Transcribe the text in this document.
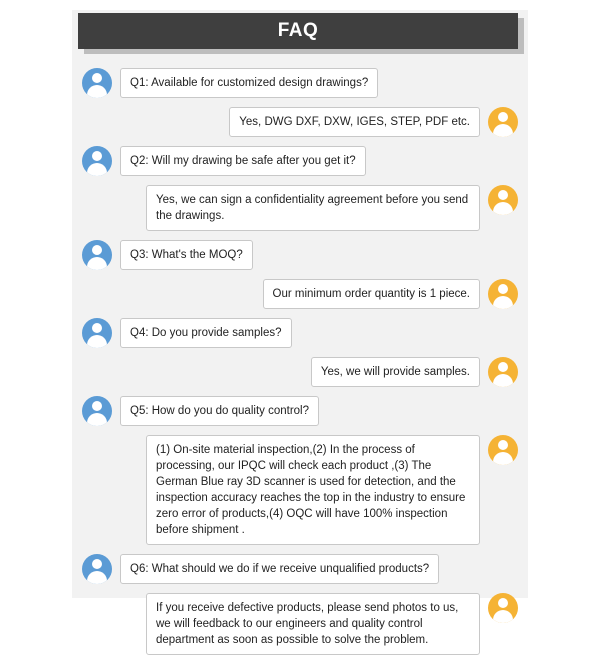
FAQ
Q1: Available for customized design drawings?
Yes, DWG DXF, DXW, IGES, STEP, PDF etc.
Q2: Will my drawing be safe after you get it?
Yes, we can sign a confidentiality agreement before you send the drawings.
Q3: What's the MOQ?
Our minimum order quantity is 1 piece.
Q4: Do you provide samples?
Yes, we will provide samples.
Q5: How do you do quality control?
(1) On-site material inspection,(2) In the process of processing, our IPQC will check each product ,(3) The German Blue ray 3D scanner is used for detection, and the inspection accuracy reaches the top in the industry to ensure zero error of products,(4) OQC will have 100% inspection before shipment .
Q6: What should we do if we receive unqualified products?
If you receive defective products, please send photos to us, we will feedback to our engineers and quality control department as soon as possible to solve the problem.
